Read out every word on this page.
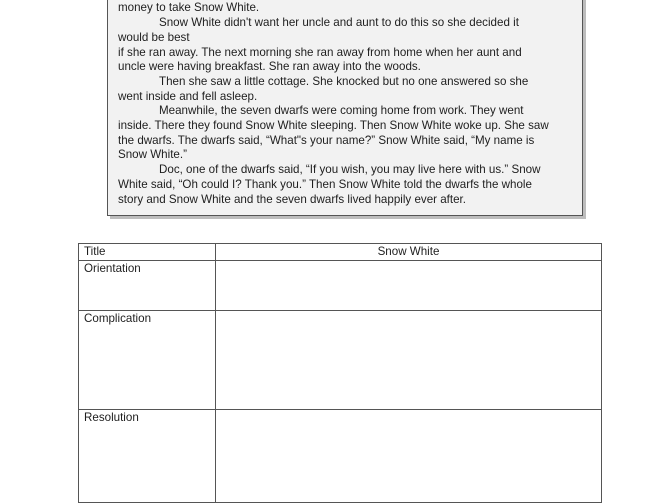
money to take Snow White.
Snow White didn't want her uncle and aunt to do this so she decided it
would be best
if she ran away. The next morning she ran away from home when her aunt and
uncle were having breakfast. She ran away into the woods.
Then she saw a little cottage. She knocked but no one answered so she
went inside and fell asleep.
Meanwhile, the seven dwarfs were coming home from work. They went
inside. There they found Snow White sleeping. Then Snow White woke up. She saw
the dwarfs. The dwarfs said, “What"s your name?” Snow White said, “My name is
Snow White.”
Doc, one of the dwarfs said, “If you wish, you may live here with us.” Snow
White said, “Oh could I? Thank you.” Then Snow White told the dwarfs the whole
story and Snow White and the seven dwarfs lived happily ever after.
Title	Snow White
Orientation	
Complication	
Resolution	
